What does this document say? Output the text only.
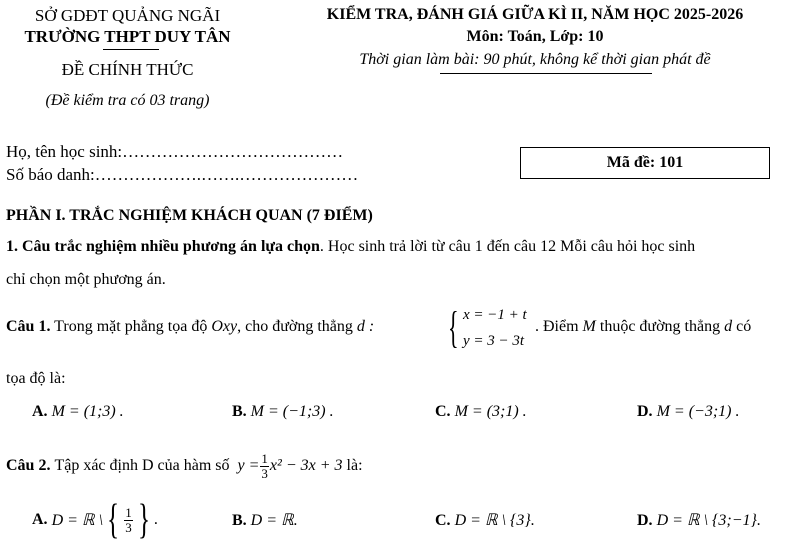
SỞ GDĐT QUẢNG NGÃI
TRƯỜNG THPT DUY TÂN
ĐỀ CHÍNH THỨC
(Đề kiểm tra có 03 trang)
KIỂM TRA, ĐÁNH GIÁ GIỮA KÌ II, NĂM HỌC 2025-2026
Môn: Toán, Lớp: 10
Thời gian làm bài: 90 phút, không kể thời gian phát đề
Họ, tên học sinh:…………………………………
Số báo danh:……………….…….…………………
Mã đề: 101
PHẦN I. TRẮC NGHIỆM KHÁCH QUAN (7 ĐIỂM)
1. Câu trắc nghiệm nhiều phương án lựa chọn. Học sinh trả lời từ câu 1 đến câu 12 Mỗi câu hỏi học sinh
chỉ chọn một phương án.
Câu 1. Trong mặt phẳng tọa độ Oxy, cho đường thẳng d : { x = −1 + t
y = 3 − 3t
. Điểm M thuộc đường thẳng d có
tọa độ là:
A. M = (1;3) .	B. M = (−1;3) .	C. M = (3;1) .	D. M = (−3;1) .
Câu 2.
Tập xác định D của hàm số
$y = \frac{1}{3} x^2 - 3x + 3$
là:
A.
D = ℝ \ { $\frac{1}{3}$ } .	B. D = ℝ.	C. D = ℝ \ {3}.	D. D = ℝ \ {3;−1}.
